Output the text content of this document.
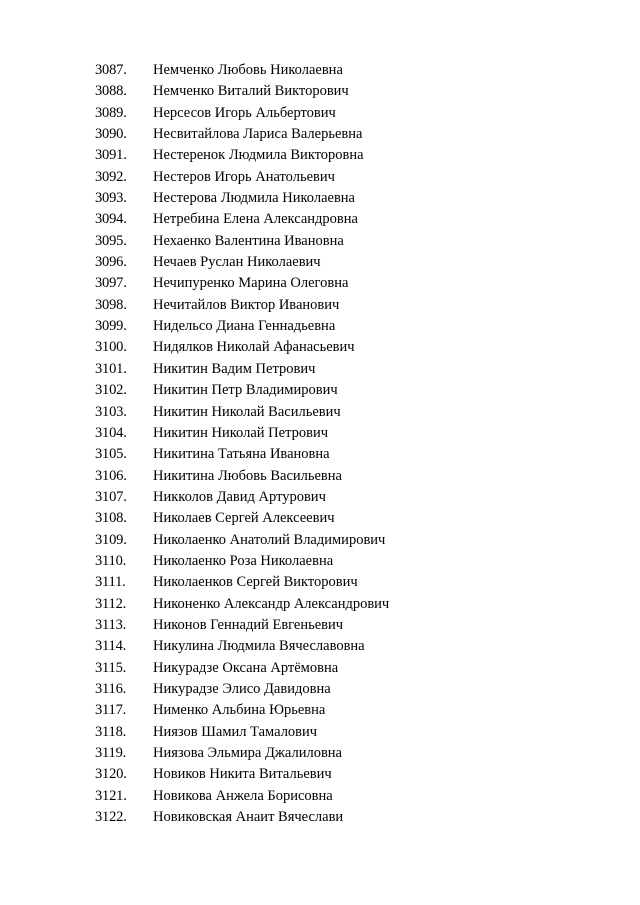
3087. Немченко Любовь Николаевна
3088. Немченко Виталий Викторович
3089. Нерсесов Игорь Альбертович
3090. Несвитайлова Лариса Валерьевна
3091. Нестеренок Людмила Викторовна
3092. Нестеров Игорь Анатольевич
3093. Нестерова Людмила Николаевна
3094. Нетребина Елена Александровна
3095. Нехаенко Валентина Ивановна
3096. Нечаев Руслан Николаевич
3097. Нечипуренко Марина Олеговна
3098. Нечитайлов Виктор Иванович
3099. Нидельсо Диана Геннадьевна
3100. Нидялков Николай Афанасьевич
3101. Никитин Вадим Петрович
3102. Никитин Петр Владимирович
3103. Никитин Николай Васильевич
3104. Никитин Николай Петрович
3105. Никитина Татьяна Ивановна
3106. Никитина Любовь Васильевна
3107. Никколов Давид Артурович
3108. Николаев Сергей Алексеевич
3109. Николаенко Анатолий Владимирович
3110. Николаенко Роза Николаевна
3111. Николаенков Сергей Викторович
3112. Никоненко Александр Александрович
3113. Никонов Геннадий Евгеньевич
3114. Никулина Людмила Вячеславовна
3115. Никурадзе Оксана Артёмовна
3116. Никурадзе Элисо Давидовна
3117. Нименко Альбина Юрьевна
3118. Ниязов Шамил Тамалович
3119. Ниязова Эльмира Джалиловна
3120. Новиков Никита Витальевич
3121. Новикова Анжела Борисовна
3122. Новиковская Анаит Вячеслави
